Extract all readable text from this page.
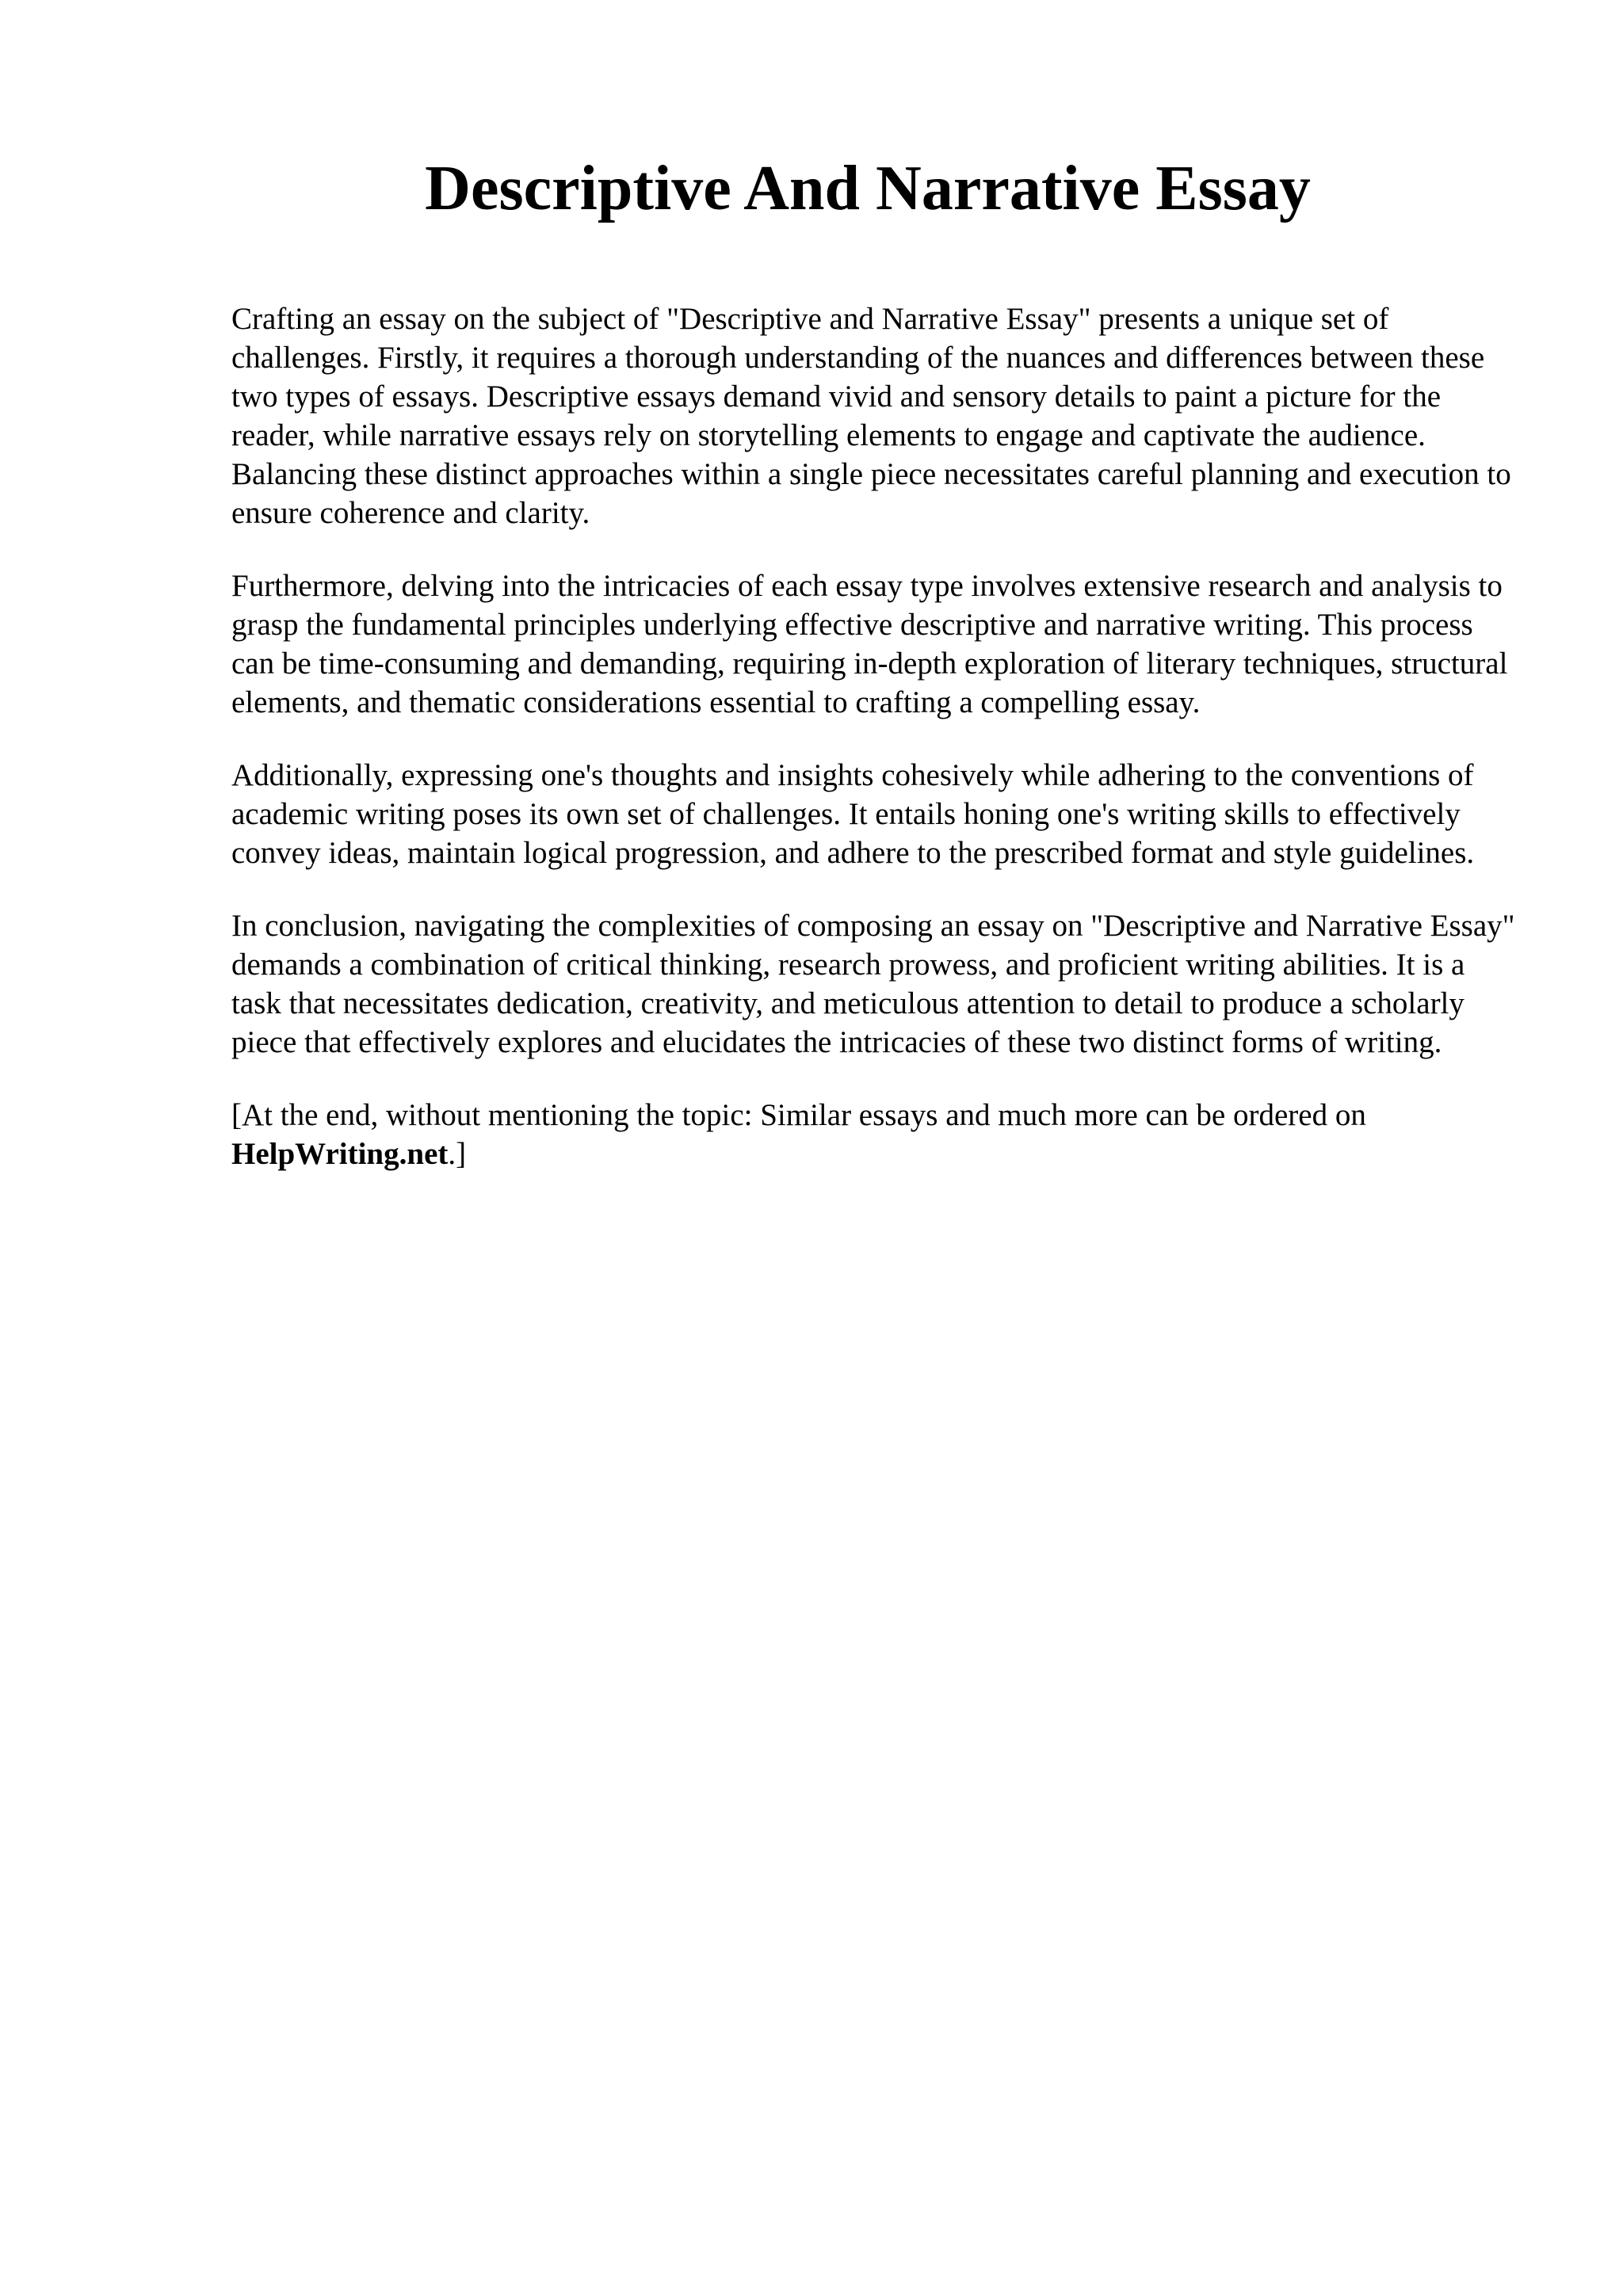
Descriptive And Narrative Essay

Crafting an essay on the subject of "Descriptive and Narrative Essay" presents a unique set of challenges. Firstly, it requires a thorough understanding of the nuances and differences between these two types of essays. Descriptive essays demand vivid and sensory details to paint a picture for the reader, while narrative essays rely on storytelling elements to engage and captivate the audience. Balancing these distinct approaches within a single piece necessitates careful planning and execution to ensure coherence and clarity.

Furthermore, delving into the intricacies of each essay type involves extensive research and analysis to grasp the fundamental principles underlying effective descriptive and narrative writing. This process can be time-consuming and demanding, requiring in-depth exploration of literary techniques, structural elements, and thematic considerations essential to crafting a compelling essay.

Additionally, expressing one's thoughts and insights cohesively while adhering to the conventions of academic writing poses its own set of challenges. It entails honing one's writing skills to effectively convey ideas, maintain logical progression, and adhere to the prescribed format and style guidelines.

In conclusion, navigating the complexities of composing an essay on "Descriptive and Narrative Essay" demands a combination of critical thinking, research prowess, and proficient writing abilities. It is a task that necessitates dedication, creativity, and meticulous attention to detail to produce a scholarly piece that effectively explores and elucidates the intricacies of these two distinct forms of writing.

[At the end, without mentioning the topic: Similar essays and much more can be ordered on HelpWriting.net.]
